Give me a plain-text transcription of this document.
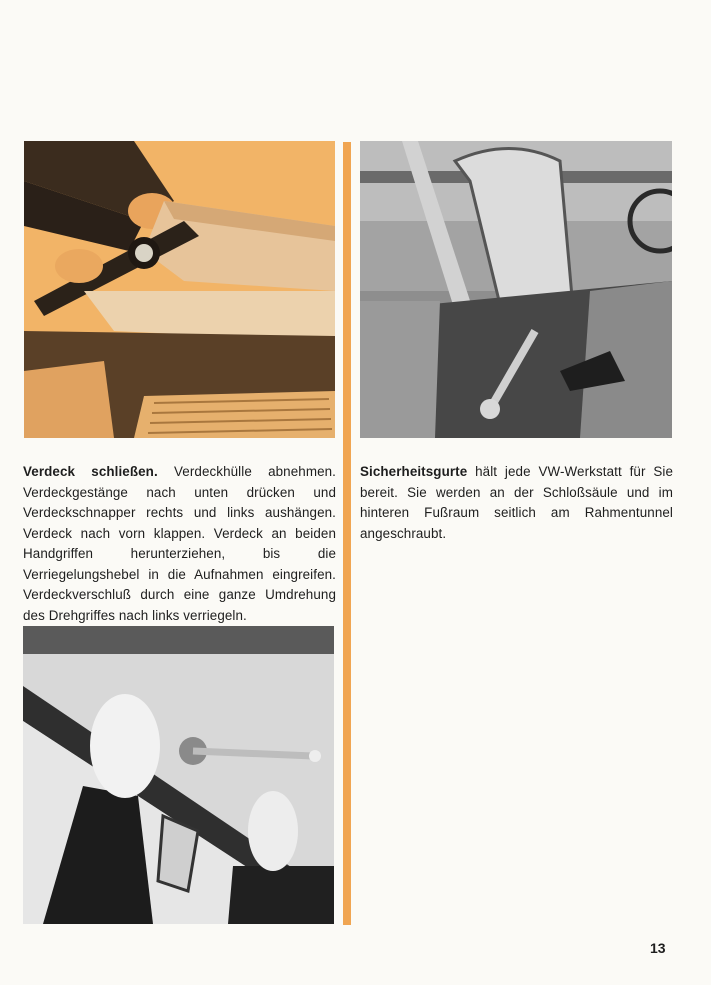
Verdeck schließen. Verdeckhülle abnehmen. Verdeckgestänge nach unten drücken und Verdeckschnapper rechts und links aushängen. Verdeck nach vorn klappen. Verdeck an beiden Handgriffen herunterziehen, bis die Verriegelungshebel in die Aufnahmen eingreifen. Verdeckverschluß durch eine ganze Umdrehung des Drehgriffes nach links verriegeln.
Sicherheitsgurte hält jede VW-Werkstatt für Sie bereit. Sie werden an der Schloßsäule und im hinteren Fußraum seitlich am Rahmentunnel angeschraubt.
13
